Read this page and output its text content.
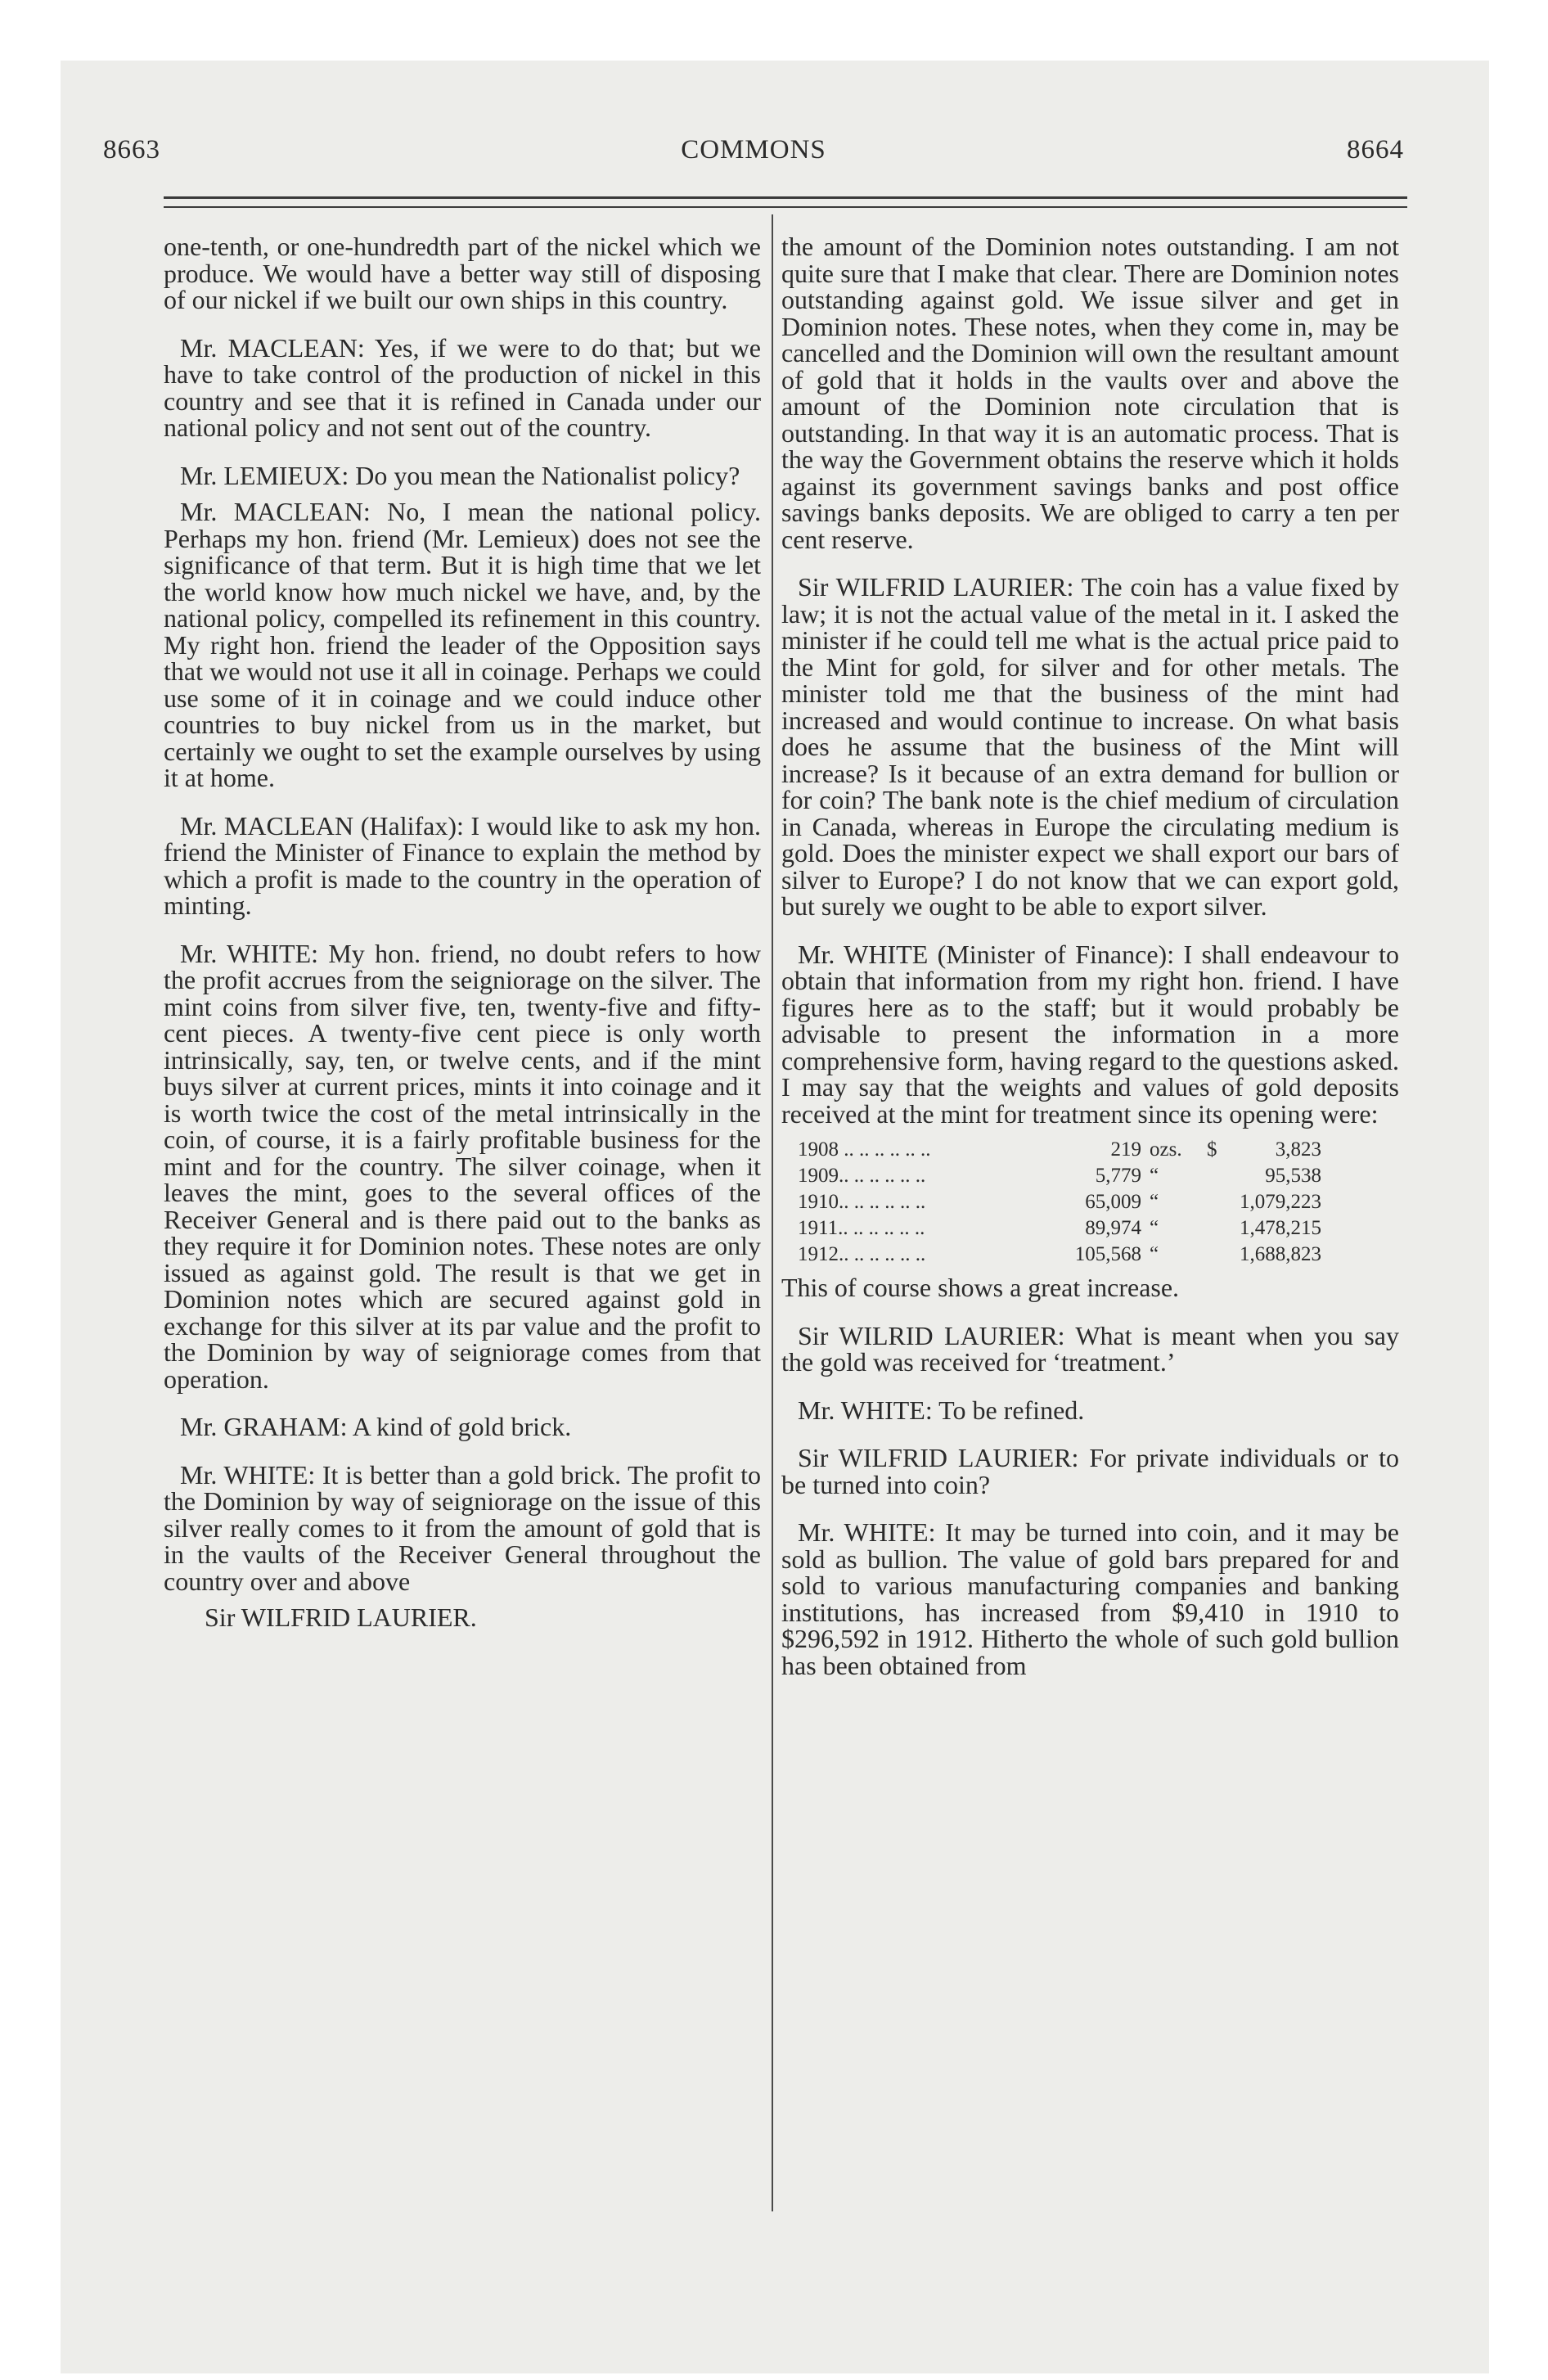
8663	COMMONS	8664

one-tenth, or one-hundredth part of the nickel which we produce. We would have a better way still of disposing of our nickel if we built our own ships in this country.

Mr. MACLEAN: Yes, if we were to do that; but we have to take control of the production of nickel in this country and see that it is refined in Canada under our national policy and not sent out of the country.

Mr. LEMIEUX: Do you mean the Nationalist policy?

Mr. MACLEAN: No, I mean the national policy. Perhaps my hon. friend (Mr. Lemieux) does not see the significance of that term. But it is high time that we let the world know how much nickel we have, and, by the national policy, compelled its refinement in this country. My right hon. friend the leader of the Opposition says that we would not use it all in coinage. Perhaps we could use some of it in coinage and we could induce other countries to buy nickel from us in the market, but certainly we ought to set the example ourselves by using it at home.

Mr. MACLEAN (Halifax): I would like to ask my hon. friend the Minister of Finance to explain the method by which a profit is made to the country in the operation of minting.

Mr. WHITE: My hon. friend, no doubt refers to how the profit accrues from the seigniorage on the silver. The mint coins from silver five, ten, twenty-five and fifty-cent pieces. A twenty-five cent piece is only worth intrinsically, say, ten, or twelve cents, and if the mint buys silver at current prices, mints it into coinage and it is worth twice the cost of the metal intrinsically in the coin, of course, it is a fairly profitable business for the mint and for the country. The silver coinage, when it leaves the mint, goes to the several offices of the Receiver General and is there paid out to the banks as they require it for Dominion notes. These notes are only issued as against gold. The result is that we get in Dominion notes which are secured against gold in exchange for this silver at its par value and the profit to the Dominion by way of seigniorage comes from that operation.

Mr. GRAHAM: A kind of gold brick.

Mr. WHITE: It is better than a gold brick. The profit to the Dominion by way of seigniorage on the issue of this silver really comes to it from the amount of gold that is in the vaults of the Receiver General throughout the country over and above

Sir WILFRID LAURIER.

the amount of the Dominion notes outstanding. I am not quite sure that I make that clear. There are Dominion notes outstanding against gold. We issue silver and get in Dominion notes. These notes, when they come in, may be cancelled and the Dominion will own the resultant amount of gold that it holds in the vaults over and above the amount of the Dominion note circulation that is outstanding. In that way it is an automatic process. That is the way the Government obtains the reserve which it holds against its government savings banks and post office savings banks deposits. We are obliged to carry a ten per cent reserve.

Sir WILFRID LAURIER: The coin has a value fixed by law; it is not the actual value of the metal in it. I asked the minister if he could tell me what is the actual price paid to the Mint for gold, for silver and for other metals. The minister told me that the business of the mint had increased and would continue to increase. On what basis does he assume that the business of the Mint will increase? Is it because of an extra demand for bullion or for coin? The bank note is the chief medium of circulation in Canada, whereas in Europe the circulating medium is gold. Does the minister expect we shall export our bars of silver to Europe? I do not know that we can export gold, but surely we ought to be able to export silver.

Mr. WHITE (Minister of Finance): I shall endeavour to obtain that information from my right hon. friend. I have figures here as to the staff; but it would probably be advisable to present the information in a more comprehensive form, having regard to the questions asked. I may say that the weights and values of gold deposits received at the mint for treatment since its opening were:

1908 .. .. .. .. .. ..	219	ozs.	$	3,823
1909.. .. .. .. .. ..	5,779	“		95,538
1910.. .. .. .. .. ..	65,009	“		1,079,223
1911.. .. .. .. .. ..	89,974	“		1,478,215
1912.. .. .. .. .. ..	105,568	“		1,688,823

This of course shows a great increase.

Sir WILRID LAURIER: What is meant when you say the gold was received for ‘treatment.’

Mr. WHITE: To be refined.

Sir WILFRID LAURIER: For private individuals or to be turned into coin?

Mr. WHITE: It may be turned into coin, and it may be sold as bullion. The value of gold bars prepared for and sold to various manufacturing companies and banking institutions, has increased from $9,410 in 1910 to $296,592 in 1912. Hitherto the whole of such gold bullion has been obtained from
